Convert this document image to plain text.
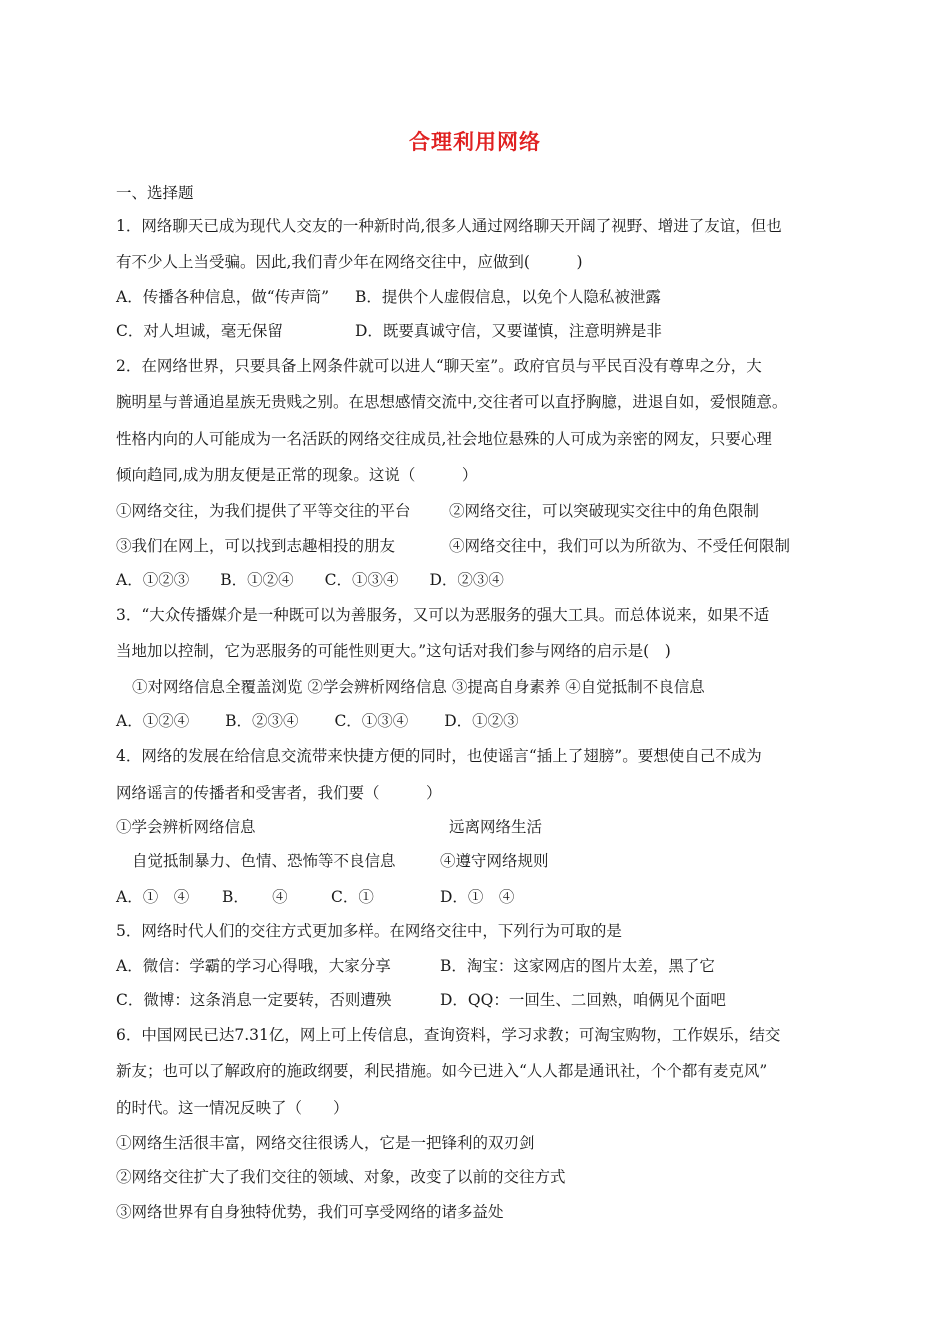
合理利用网络
一、选择题
1．网络聊天已成为现代人交友的一种新时尚,很多人通过网络聊天开阔了视野、增进了友谊，但也
有不少人上当受骗。因此,我们青少年在网络交往中，应做到(　　　)
A．传播各种信息，做“传声筒” B．提供个人虚假信息，以免个人隐私被泄露
C．对人坦诚，毫无保留	D．既要真诚守信，又要谨慎，注意明辨是非
2．在网络世界，只要具备上网条件就可以进人“聊天室”。政府官员与平民百没有尊卑之分，大
腕明星与普通追星族无贵贱之别。在思想感情交流中,交往者可以直抒胸臆，进退自如，爱恨随意。
性格内向的人可能成为一名活跃的网络交往成员,社会地位悬殊的人可成为亲密的网友，只要心理
倾向趋同,成为朋友便是正常的现象。这说（　　　）
①网络交往，为我们提供了平等交往的平台 ②网络交往，可以突破现实交往中的角色限制
③我们在网上，可以找到志趣相投的朋友	④网络交往中，我们可以为所欲为、不受任何限制
A．①②③　　B．①②④　　C．①③④　　D．②③④
3．“大众传播媒介是一种既可以为善服务，又可以为恶服务的强大工具。而总体说来，如果不适
当地加以控制，它为恶服务的可能性则更大。”这句话对我们参与网络的启示是(　)
①对网络信息全覆盖浏览 ②学会辨析网络信息 ③提高自身素养 ④自觉抵制不良信息
A．①②④　　 B．②③④　　 C．①③④　　 D．①②③
4．网络的发展在给信息交流带来快捷方便的同时，也使谣言“插上了翅膀”。要想使自己不成为
网络谣言的传播者和受害者，我们要（　　　）
①学会辨析网络信息	远离网络生活
自觉抵制暴力、色情、恐怖等不良信息	④遵守网络规则
A．①　④ B．　　④	C．①	D．①　④
5．网络时代人们的交往方式更加多样。在网络交往中，下列行为可取的是
A．微信：学霸的学习心得哦，大家分享	B．淘宝：这家网店的图片太差，黑了它
C．微博：这条消息一定要转，否则遭殃	D．QQ：一回生、二回熟，咱俩见个面吧
6．中国网民已达7.31亿，网上可上传信息，查询资料，学习求教；可淘宝购物，工作娱乐，结交
新友；也可以了解政府的施政纲要，利民措施。如今已进入“人人都是通讯社，个个都有麦克风”
的时代。这一情况反映了（　　）
①网络生活很丰富，网络交往很诱人，它是一把锋利的双刃剑
②网络交往扩大了我们交往的领域、对象，改变了以前的交往方式
③网络世界有自身独特优势，我们可享受网络的诸多益处
